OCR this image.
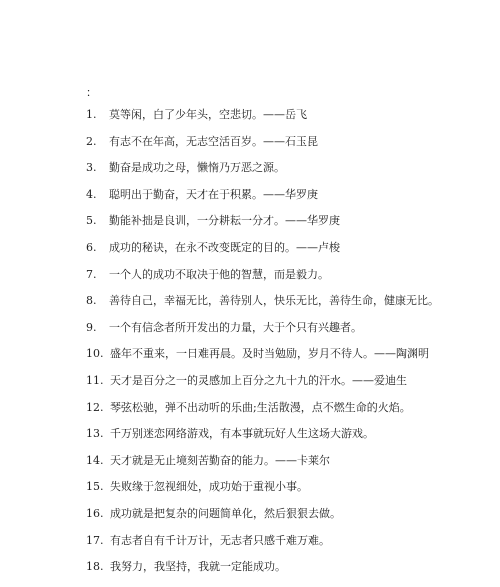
：
1.	莫等闲，白了少年头，空悲切。——岳飞
2.	有志不在年高，无志空活百岁。——石玉昆
3.	勤奋是成功之母，懒惰乃万恶之源。
4.	聪明出于勤奋，天才在于积累。——华罗庚
5.	勤能补拙是良训，一分耕耘一分才。——华罗庚
6.	成功的秘诀，在永不改变既定的目的。——卢梭
7.	一个人的成功不取决于他的智慧，而是毅力。
8.	善待自己，幸福无比，善待别人，快乐无比，善待生命，健康无比。
9.	一个有信念者所开发出的力量，大于个只有兴趣者。
10. 盛年不重来，一日难再晨。及时当勉励，岁月不待人。——陶渊明
11. 天才是百分之一的灵感加上百分之九十九的汗水。——爱迪生
12. 琴弦松驰，弹不出动听的乐曲;生活散漫，点不燃生命的火焰。
13. 千万别迷恋网络游戏，有本事就玩好人生这场大游戏。
14. 天才就是无止境刻苦勤奋的能力。——卡莱尔
15. 失败缘于忽视细处，成功始于重视小事。
16. 成功就是把复杂的问题简单化，然后狠狠去做。
17. 有志者自有千计万计，无志者只感千难万难。
18. 我努力，我坚持，我就一定能成功。
